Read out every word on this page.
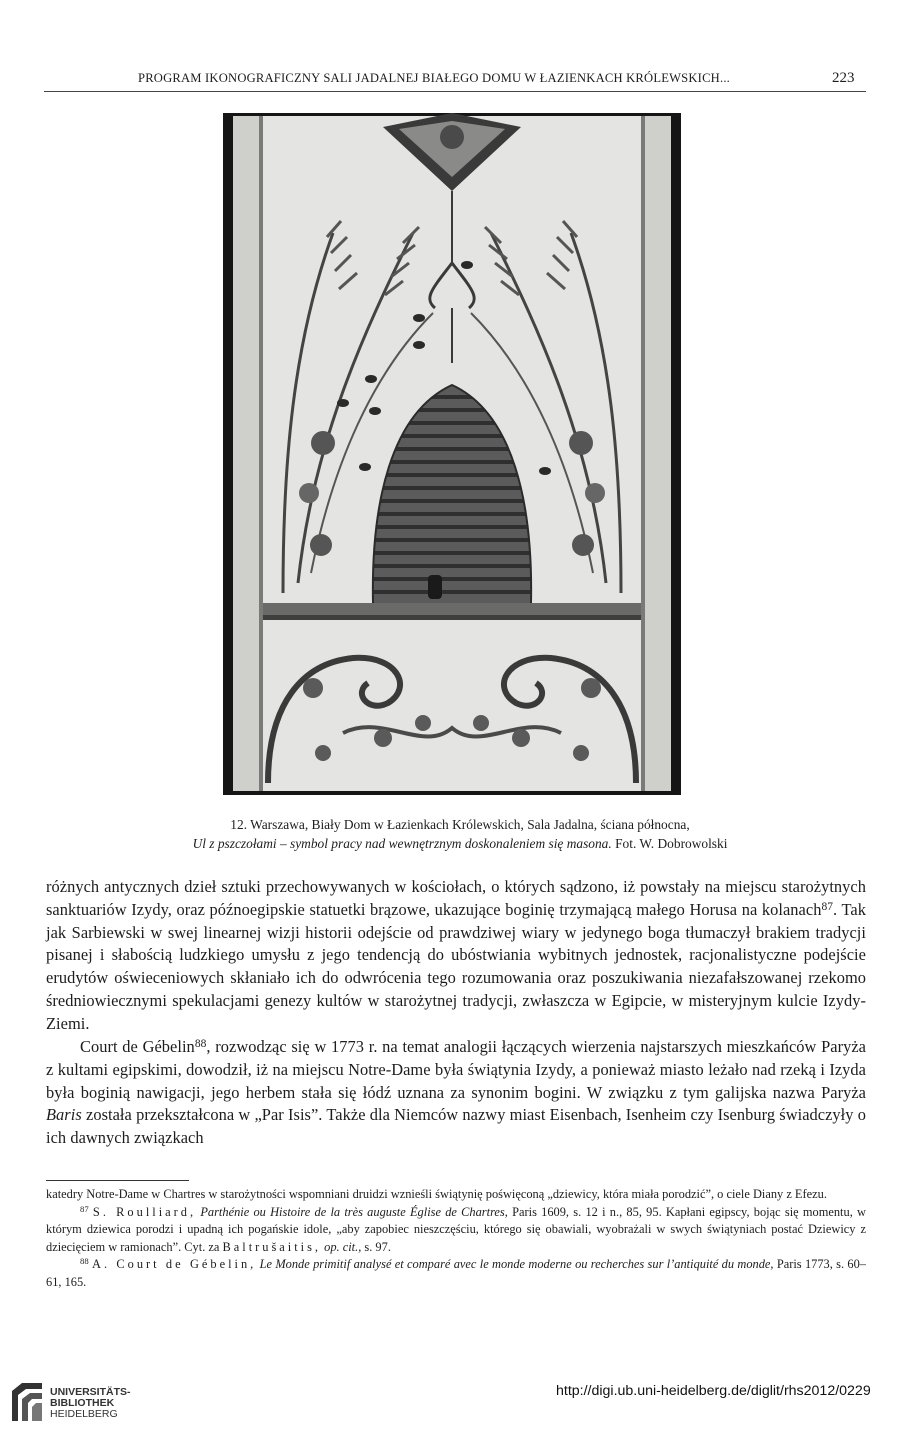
PROGRAM IKONOGRAFICZNY SALI JADALNEJ BIAŁEGO DOMU W ŁAZIENKACH KRÓLEWSKICH...	223
12. Warszawa, Biały Dom w Łazienkach Królewskich, Sala Jadalna, ściana północna,
Ul z pszczołami – symbol pracy nad wewnętrznym doskonaleniem się masona. Fot. W. Dobrowolski
różnych antycznych dzieł sztuki przechowywanych w kościołach, o których sądzono, iż powstały na miejscu starożytnych sanktuariów Izydy, oraz późnoegipskie statuetki brązowe, ukazujące boginię trzymającą małego Horusa na kolanach$^{87}$. Tak jak Sarbiewski w swej linearnej wizji historii odejście od prawdziwej wiary w jedynego boga tłumaczył brakiem tradycji pisanej i słabością ludzkiego umysłu z jego tendencją do ubóstwiania wybitnych jednostek, racjonalistyczne podejście erudytów oświeceniowych skłaniało ich do odwrócenia tego rozumowania oraz poszukiwania niezafałszowanej rzekomo średniowiecznymi spekulacjami genezy kultów w starożytnej tradycji, zwłaszcza w Egipcie, w misteryjnym kulcie Izydy-Ziemi.
Court de Gébelin$^{88}$, rozwodząc się w 1773 r. na temat analogii łączących wierzenia najstarszych mieszkańców Paryża z kultami egipskimi, dowodził, iż na miejscu Notre-Dame była świątynia Izydy, a ponieważ miasto leżało nad rzeką i Izyda była boginią nawigacji, jego herbem stała się łódź uznana za synonim bogini. W związku z tym galijska nazwa Paryża Baris została przekształcona w „Par Isis”. Także dla Niemców nazwy miast Eisenbach, Isenheim czy Isenburg świadczyły o ich dawnych związkach

katedry Notre-Dame w Chartres w starożytności wspomniani druidzi wznieśli świątynię poświęconą „dziewicy, która miała porodzić”, o ciele Diany z Efezu.

$^{87}$ S. Roulliard, Parthénie ou Histoire de la très auguste Église de Chartres, Paris 1609, s. 12 i n., 85, 95. Kapłani egipscy, bojąc się momentu, w którym dziewica porodzi i upadną ich pogańskie idole, „aby zapobiec nieszczęściu, którego się obawiali, wyobrażali w swych świątyniach postać Dziewicy z dziecięciem w ramionach”. Cyt. za Baltrušaitis, op. cit., s. 97.

$^{88}$ A. Court de Gébelin, Le Monde primitif analysé et comparé avec le monde moderne ou recherches sur l’antiquité du monde, Paris 1773, s. 60–61, 165.

UNIVERSITÄTS-
BIBLIOTHEK
HEIDELBERG
http://digi.ub.uni-heidelberg.de/diglit/rhs2012/0229
